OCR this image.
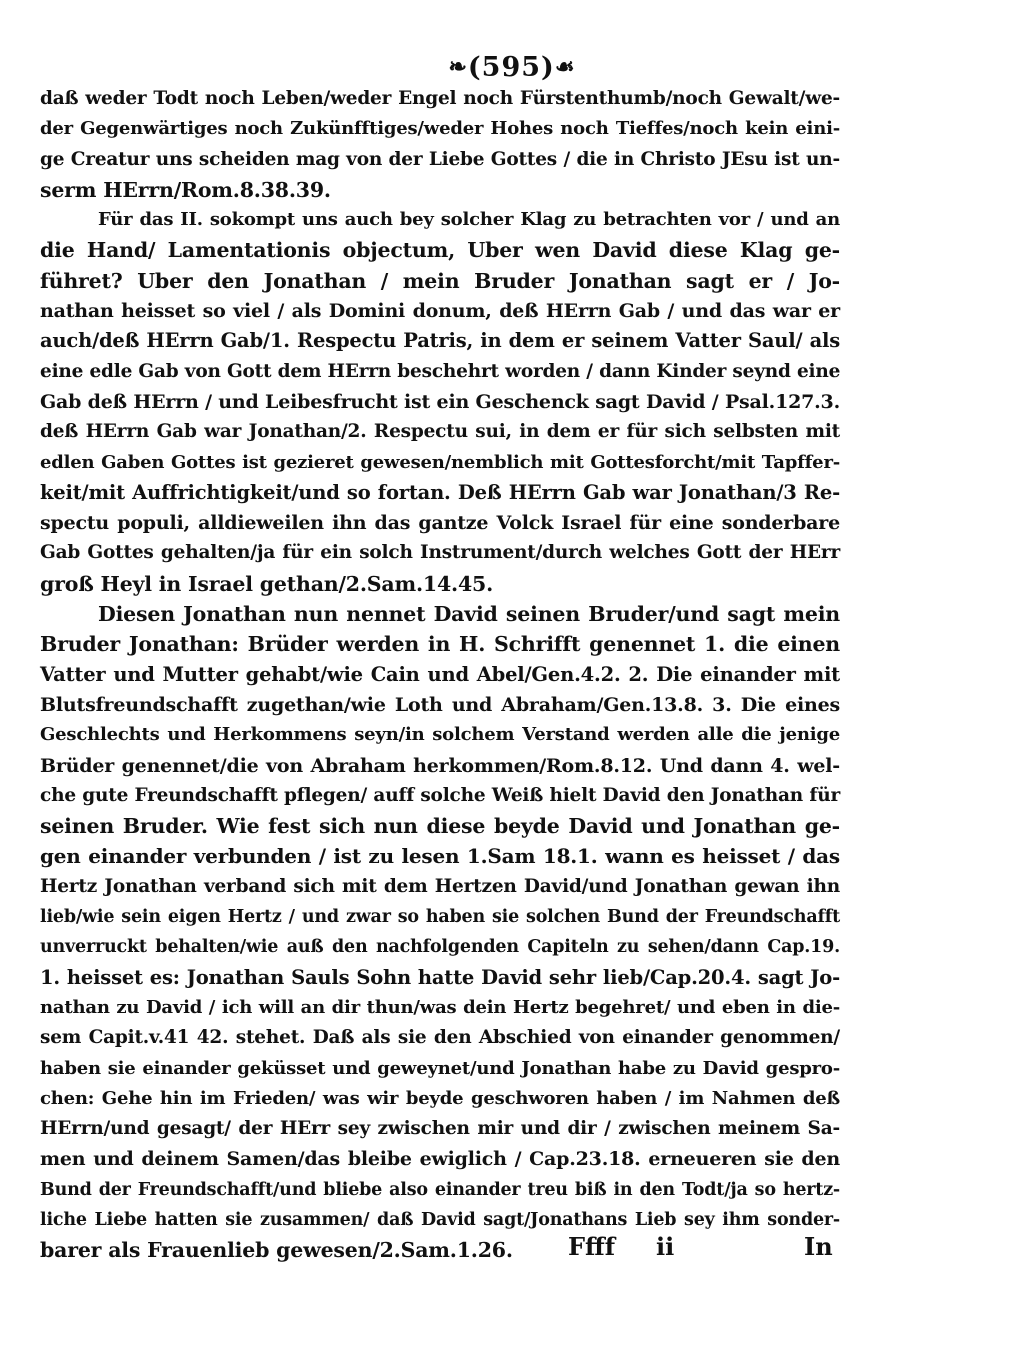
❧(595)☙
daß weder Todt noch Leben/weder Engel noch Fürstenthumb/noch Gewalt/we-
der Gegenwärtiges noch Zukünfftiges/weder Hohes noch Tieffes/noch kein eini-
ge Creatur uns scheiden mag von der Liebe Gottes / die in Christo JEsu ist un-
serm HErrn/Rom.8.38.39.
Für das II. sokompt uns auch bey solcher Klag zu betrachten vor / und an
die Hand/ Lamentationis objectum, Uber wen David diese Klag ge-
führet? Uber den Jonathan / mein Bruder Jonathan sagt er / Jo-
nathan heisset so viel / als Domini donum, deß HErrn Gab / und das war er
auch/deß HErrn Gab/1. Respectu Patris, in dem er seinem Vatter Saul/ als
eine edle Gab von Gott dem HErrn beschehrt worden / dann Kinder seynd eine
Gab deß HErrn / und Leibesfrucht ist ein Geschenck sagt David / Psal.127.3.
deß HErrn Gab war Jonathan/2. Respectu sui, in dem er für sich selbsten mit
edlen Gaben Gottes ist gezieret gewesen/nemblich mit Gottesforcht/mit Tapffer-
keit/mit Auffrichtigkeit/und so fortan. Deß HErrn Gab war Jonathan/3 Re-
spectu populi, alldieweilen ihn das gantze Volck Israel für eine sonderbare
Gab Gottes gehalten/ja für ein solch Instrument/durch welches Gott der HErr
groß Heyl in Israel gethan/2.Sam.14.45.
Diesen Jonathan nun nennet David seinen Bruder/und sagt mein
Bruder Jonathan: Brüder werden in H. Schrifft genennet 1. die einen
Vatter und Mutter gehabt/wie Cain und Abel/Gen.4.2. 2. Die einander mit
Blutsfreundschafft zugethan/wie Loth und Abraham/Gen.13.8. 3. Die eines
Geschlechts und Herkommens seyn/in solchem Verstand werden alle die jenige
Brüder genennet/die von Abraham herkommen/Rom.8.12. Und dann 4. wel-
che gute Freundschafft pflegen/ auff solche Weiß hielt David den Jonathan für
seinen Bruder. Wie fest sich nun diese beyde David und Jonathan ge-
gen einander verbunden / ist zu lesen 1.Sam 18.1. wann es heisset / das
Hertz Jonathan verband sich mit dem Hertzen David/und Jonathan gewan ihn
lieb/wie sein eigen Hertz / und zwar so haben sie solchen Bund der Freundschafft
unverruckt behalten/wie auß den nachfolgenden Capiteln zu sehen/dann Cap.19.
1. heisset es: Jonathan Sauls Sohn hatte David sehr lieb/Cap.20.4. sagt Jo-
nathan zu David / ich will an dir thun/was dein Hertz begehret/ und eben in die-
sem Capit.v.41 42. stehet. Daß als sie den Abschied von einander genommen/
haben sie einander geküsset und geweynet/und Jonathan habe zu David gespro-
chen: Gehe hin im Frieden/ was wir beyde geschworen haben / im Nahmen deß
HErrn/und gesagt/ der HErr sey zwischen mir und dir / zwischen meinem Sa-
men und deinem Samen/das bleibe ewiglich / Cap.23.18. erneueren sie den
Bund der Freundschafft/und bliebe also einander treu biß in den Todt/ja so hertz-
liche Liebe hatten sie zusammen/ daß David sagt/Jonathans Lieb sey ihm sonder-
barer als Frauenlieb gewesen/2.Sam.1.26.	Ffff ii	In
